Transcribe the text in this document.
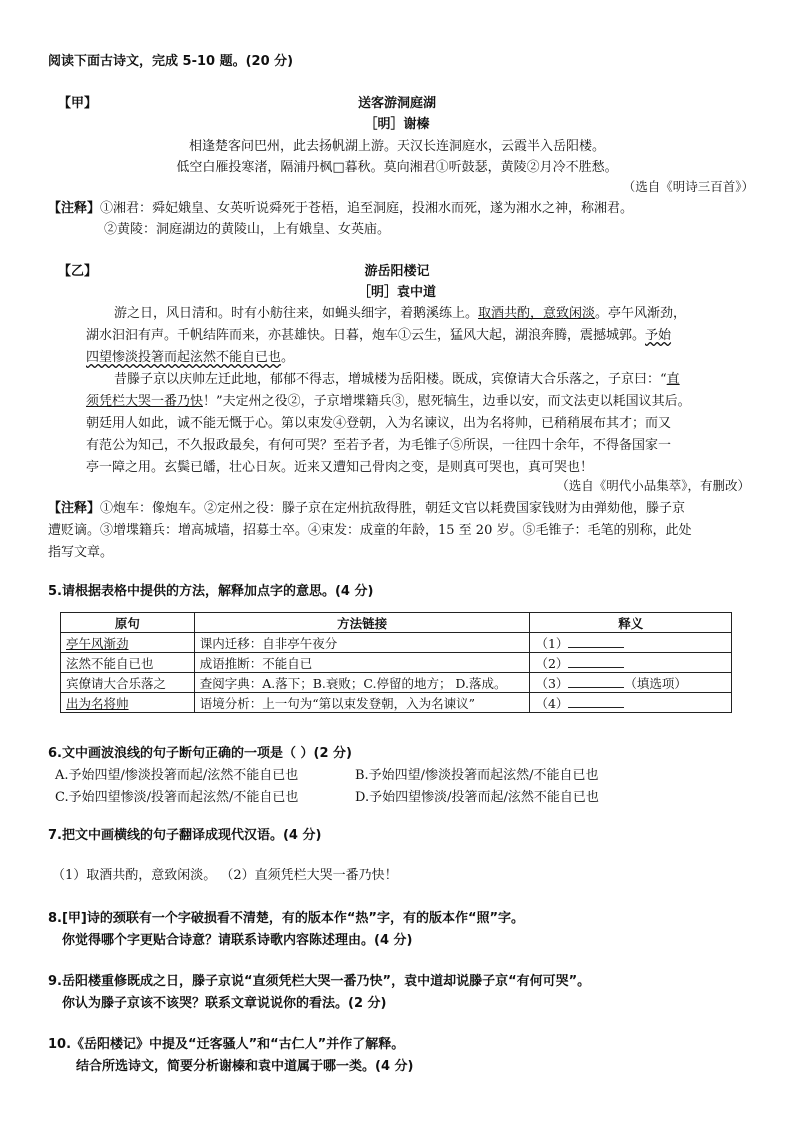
阅读下面古诗文，完成 5-10 题。(20 分)
【甲】	送客游洞庭湖
［明］谢榛
相逢楚客问巴州，此去扬帆湖上游。天汉长连洞庭水，云霞半入岳阳楼。
低空白雁投寒渚，隔浦丹枫□暮秋。莫向湘君①听鼓瑟，黄陵②月冷不胜愁。
（选自《明诗三百首》）
【注释】①湘君：舜妃娥皇、女英听说舜死于苍梧，追至洞庭，投湘水而死，遂为湘水之神，称湘君。
②黄陵：洞庭湖边的黄陵山，上有娥皇、女英庙。
【乙】	游岳阳楼记
［明］袁中道
游之日，风日清和。时有小舫往来，如蝇头细字，着鹅溪练上。取酒共酌，意致闲淡。亭午风渐劲，
湖水汩汩有声。千帆结阵而来，亦甚雄快。日暮，炮车①云生，猛风大起，湖浪奔腾，震撼城郭。予始
四望惨淡投箸而起泫然不能自已也。
昔滕子京以庆帅左迁此地，郁郁不得志，增城楼为岳阳楼。既成，宾僚请大合乐落之，子京曰：“直
须凭栏大哭一番乃快！”夫定州之役②，子京增堞籍兵③，慰死犒生，边垂以安，而文法吏以耗国议其后。
朝廷用人如此，诚不能无慨于心。第以束发④登朝，入为名谏议，出为名将帅，已稍稍展布其才；而又
有范公为知己，不久报政最矣，有何可哭？至若予者，为毛锥子⑤所误，一往四十余年，不得备国家一
亭一障之用。玄鬓已皤，壮心日灰。近来又遭知己骨肉之变，是则真可哭也，真可哭也！
（选自《明代小品集萃》，有删改）
【注释】①炮车：像炮车。②定州之役：滕子京在定州抗敌得胜，朝廷文官以耗费国家钱财为由弹劾他，滕子京
遭贬谪。③增堞籍兵：增高城墙，招募士卒。④束发：成童的年龄，15 至 20 岁。⑤毛锥子：毛笔的别称，此处
指写文章。
5.请根据表格中提供的方法，解释加点字的意思。(4 分)
原句	方法链接	释义
亭午风渐劲	课内迁移：自非亭午夜分	（1）
泫然不能自已也	成语推断：不能自已	（2）
宾僚请大合乐落之	查阅字典：A.落下；B.衰败；C.停留的地方； D.落成。	（3） （填选项）
出为名将帅	语境分析：上一句为“第以束发登朝，入为名谏议”	（4）
6.文中画波浪线的句子断句正确的一项是（ ）(2 分)
A.予始四望/惨淡投箸而起/泫然不能自已也	B.予始四望/惨淡投箸而起泫然/不能自已也
C.予始四望惨淡/投箸而起泫然/不能自已也	D.予始四望惨淡/投箸而起/泫然不能自已也
7.把文中画横线的句子翻译成现代汉语。(4 分)
（1）取酒共酌，意致闲淡。 （2）直须凭栏大哭一番乃快！
8.[甲]诗的颈联有一个字破损看不清楚，有的版本作“热”字，有的版本作“照”字。
你觉得哪个字更贴合诗意？请联系诗歌内容陈述理由。(4 分)
9.岳阳楼重修既成之日，滕子京说“直须凭栏大哭一番乃快”，袁中道却说滕子京“有何可哭”。
你认为滕子京该不该哭？联系文章说说你的看法。(2 分)
10.《岳阳楼记》中提及“迁客骚人”和“古仁人”并作了解释。
结合所选诗文，简要分析谢榛和袁中道属于哪一类。(4 分)
